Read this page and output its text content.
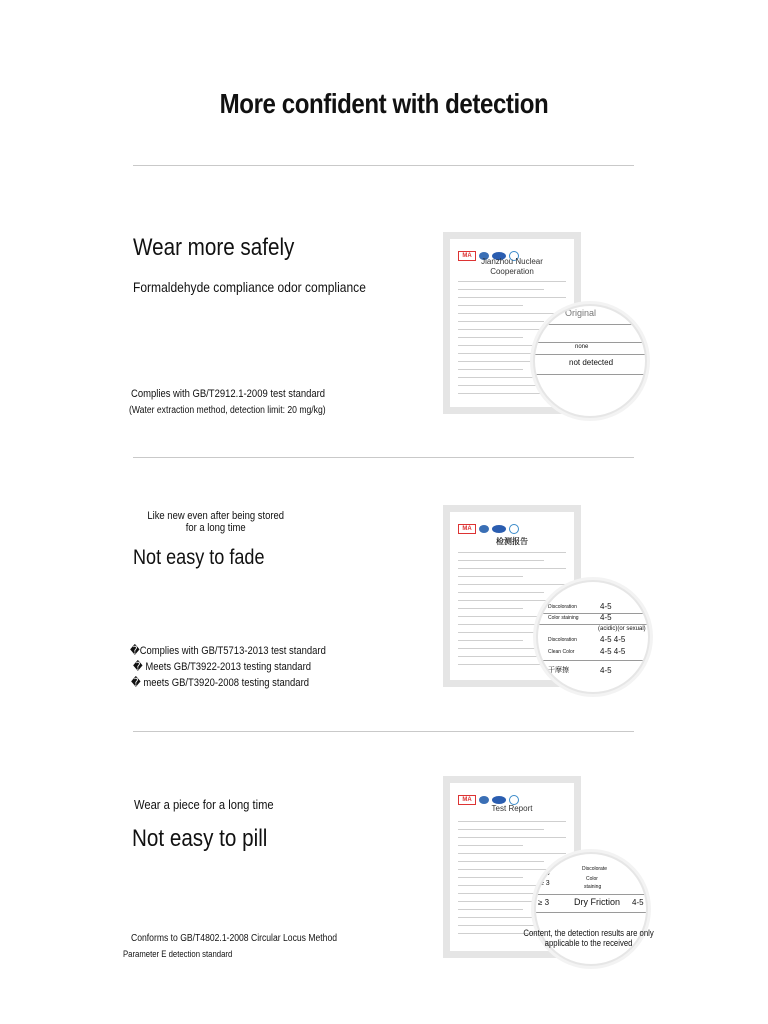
More confident with detection
Wear more safely
Formaldehyde compliance odor compliance
Complies with GB/T2912.1-2009 test standard
(Water extraction method, detection limit: 20 mg/kg)
MA
Jianzhou Nuclear
Cooperation
Original
none
not detected
Like new even after being stored
for a long time
Not easy to fade
�Complies with GB/T5713-2013 test standard
� Meets GB/T3922-2013 testing standard
� meets GB/T3920-2008 testing standard
MA
检测报告
Discoloration	4-5
Color staining	4-5
(acidic)(or sexual)
Discoloration	4-5 4-5
Clean Color	4-5 4-5
干摩擦	4-5
Wear a piece for a long time
Not easy to pill
Conforms to GB/T4802.1-2008 Circular Locus Method
Parameter E detection standard
MA
Test Report
≥ 3
≥ 3
≥ 3
Discolorate
Color
staining
≥ 3	Dry Friction 4-5
Content, the detection results are only applicable to the received
